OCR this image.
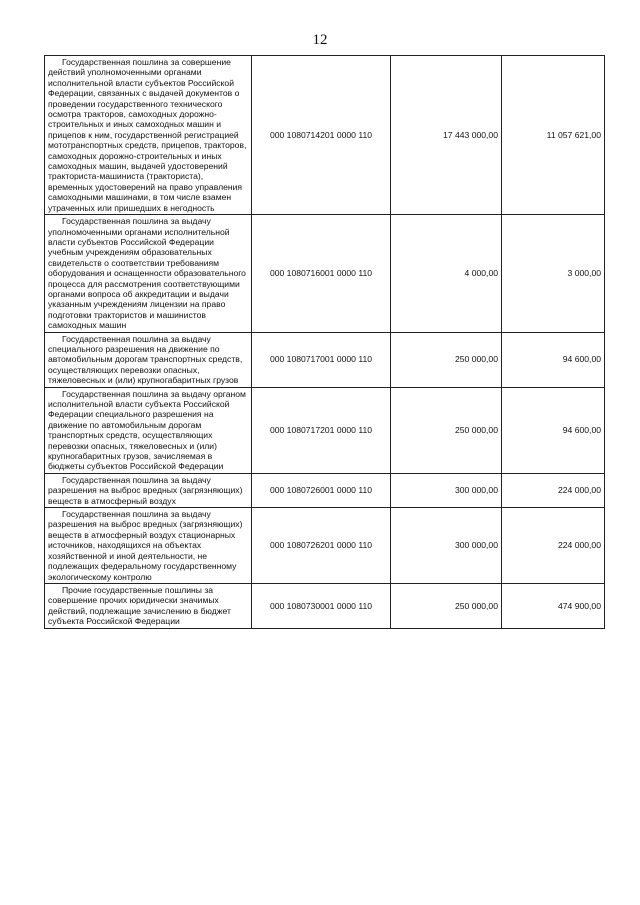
12
Государственная пошлина за совершение действий уполномоченными органами исполнительной власти субъектов Российской Федерации, связанных с выдачей документов о проведении государственного технического осмотра тракторов, самоходных дорожно-строительных и иных самоходных машин и прицепов к ним, государственной регистрацией мототранспортных средств, прицепов, тракторов, самоходных дорожно-строительных и иных самоходных машин, выдачей удостоверений тракториста-машиниста (тракториста), временных удостоверений на право управления самоходными машинами, в том числе взамен утраченных или пришедших в негодность	000 1080714201 0000 110	17 443 000,00	11 057 621,00
Государственная пошлина за выдачу уполномоченными органами исполнительной власти субъектов Российской Федерации учебным учреждениям образовательных свидетельств о соответствии требованиям оборудования и оснащенности образовательного процесса для рассмотрения соответствующими органами вопроса об аккредитации и выдачи указанным учреждениям лицензии на право подготовки трактористов и машинистов самоходных машин	000 1080716001 0000 110	4 000,00	3 000,00
Государственная пошлина за выдачу специального разрешения на движение по автомобильным дорогам транспортных средств, осуществляющих перевозки опасных, тяжеловесных и (или) крупногабаритных грузов	000 1080717001 0000 110	250 000,00	94 600,00
Государственная пошлина за выдачу органом исполнительной власти субъекта Российской Федерации специального разрешения на движение по автомобильным дорогам транспортных средств, осуществляющих перевозки опасных, тяжеловесных и (или) крупногабаритных грузов, зачисляемая в бюджеты субъектов Российской Федерации	000 1080717201 0000 110	250 000,00	94 600,00
Государственная пошлина за выдачу разрешения на выброс вредных (загрязняющих) веществ в атмосферный воздух	000 1080726001 0000 110	300 000,00	224 000,00
Государственная пошлина за выдачу разрешения на выброс вредных (загрязняющих) веществ в атмосферный воздух стационарных источников, находящихся на объектах хозяйственной и иной деятельности, не подлежащих федеральному государственному экологическому контролю	000 1080726201 0000 110	300 000,00	224 000,00
Прочие государственные пошлины за совершение прочих юридически значимых действий, подлежащие зачислению в бюджет субъекта Российской Федерации	000 1080730001 0000 110	250 000,00	474 900,00
